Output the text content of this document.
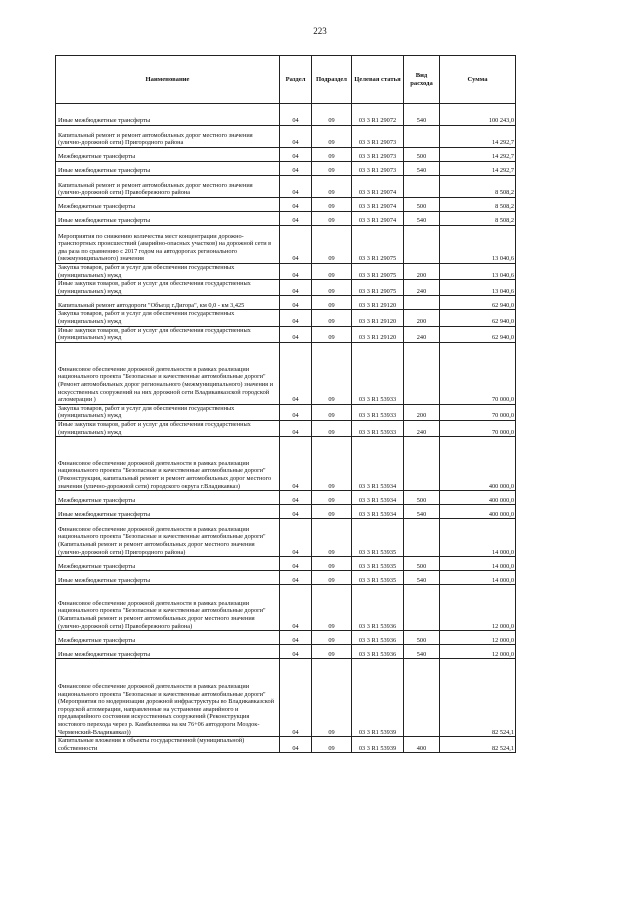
223
Наименование	Раздел	Подраздел	Целевая статья	Вид расхода	Сумма
Иные межбюджетные трансферты	04	09	03 3 R1 29072	540	100 243,0
Капитальный ремонт и ремонт автомобильных дорог местного значения (улично-дорожной сети) Пригородного района	04	09	03 3 R1 29073		14 292,7
Межбюджетные трансферты	04	09	03 3 R1 29073	500	14 292,7
Иные межбюджетные трансферты	04	09	03 3 R1 29073	540	14 292,7
Капитальный ремонт и ремонт автомобильных дорог местного значения (улично-дорожной сети) Правобережного района	04	09	03 3 R1 29074		8 508,2
Межбюджетные трансферты	04	09	03 3 R1 29074	500	8 508,2
Иные межбюджетные трансферты	04	09	03 3 R1 29074	540	8 508,2
Мероприятия по снижению количества мест концентрации дорожно-транспортных происшествий (аварийно-опасных участков) на дорожной сети в два раза по сравнению с 2017 годом на автодорогах регионального (межмуниципального) значения	04	09	03 3 R1 29075		13 040,6
Закупка товаров, работ и услуг для обеспечения государственных (муниципальных) нужд	04	09	03 3 R1 29075	200	13 040,6
Иные закупки товаров, работ и услуг для обеспечения государственных (муниципальных) нужд	04	09	03 3 R1 29075	240	13 040,6
Капитальный ремонт автодороги "Объезд г.Дигора", км 0,0 - км 3,425	04	09	03 3 R1 29120		62 940,0
Закупка товаров, работ и услуг для обеспечения государственных (муниципальных) нужд	04	09	03 3 R1 29120	200	62 940,0
Иные закупки товаров, работ и услуг для обеспечения государственных (муниципальных) нужд	04	09	03 3 R1 29120	240	62 940,0
Финансовое обеспечение дорожной деятельности в рамках реализации национального проекта "Безопасные и качественные автомобильные дороги" (Ремонт автомобильных дорог регионального (межмуниципального) значения и искусственных сооружений на них дорожной сети Владикавказской городской агломерации )	04	09	03 3 R1 53933		70 000,0
Закупка товаров, работ и услуг для обеспечения государственных (муниципальных) нужд	04	09	03 3 R1 53933	200	70 000,0
Иные закупки товаров, работ и услуг для обеспечения государственных (муниципальных) нужд	04	09	03 3 R1 53933	240	70 000,0
Финансовое обеспечение дорожной деятельности в рамках реализации национального проекта "Безопасные и качественные автомобильные дороги" (Реконструкция, капитальный ремонт и ремонт автомобильных дорог местного значения (улично-дорожной сети) городского округа г.Владикавказ)	04	09	03 3 R1 53934		400 000,0
Межбюджетные трансферты	04	09	03 3 R1 53934	500	400 000,0
Иные межбюджетные трансферты	04	09	03 3 R1 53934	540	400 000,0
Финансовое обеспечение дорожной деятельности в рамках реализации национального проекта "Безопасные и качественные автомобильные дороги" (Капитальный ремонт и ремонт автомобильных дорог местного значения (улично-дорожной сети) Пригородного района)	04	09	03 3 R1 53935		14 000,0
Межбюджетные трансферты	04	09	03 3 R1 53935	500	14 000,0
Иные межбюджетные трансферты	04	09	03 3 R1 53935	540	14 000,0
Финансовое обеспечение дорожной деятельности в рамках реализации национального проекта "Безопасные и качественные автомобильные дороги" (Капитальный ремонт и ремонт автомобильных дорог местного значения (улично-дорожной сети) Правобережного района)	04	09	03 3 R1 53936		12 000,0
Межбюджетные трансферты	04	09	03 3 R1 53936	500	12 000,0
Иные межбюджетные трансферты	04	09	03 3 R1 53936	540	12 000,0
Финансовое обеспечение дорожной деятельности в рамках реализации национального проекта "Безопасные и качественные автомобильные дороги" (Мероприятия по модернизации дорожной инфраструктуры во Владикавказской городской агломерации, направленные на устранение аварийного и предаварийного состояния искусственных сооружений (Реконструкция мостового перехода через р. Камбилеевка на км 76+06 автодороги Моздок-Черменский-Владикавказ))	04	09	03 3 R1 53939		82 524,1
Капитальные вложения в объекты государственной (муниципальной) собственности	04	09	03 3 R1 53939	400	82 524,1
